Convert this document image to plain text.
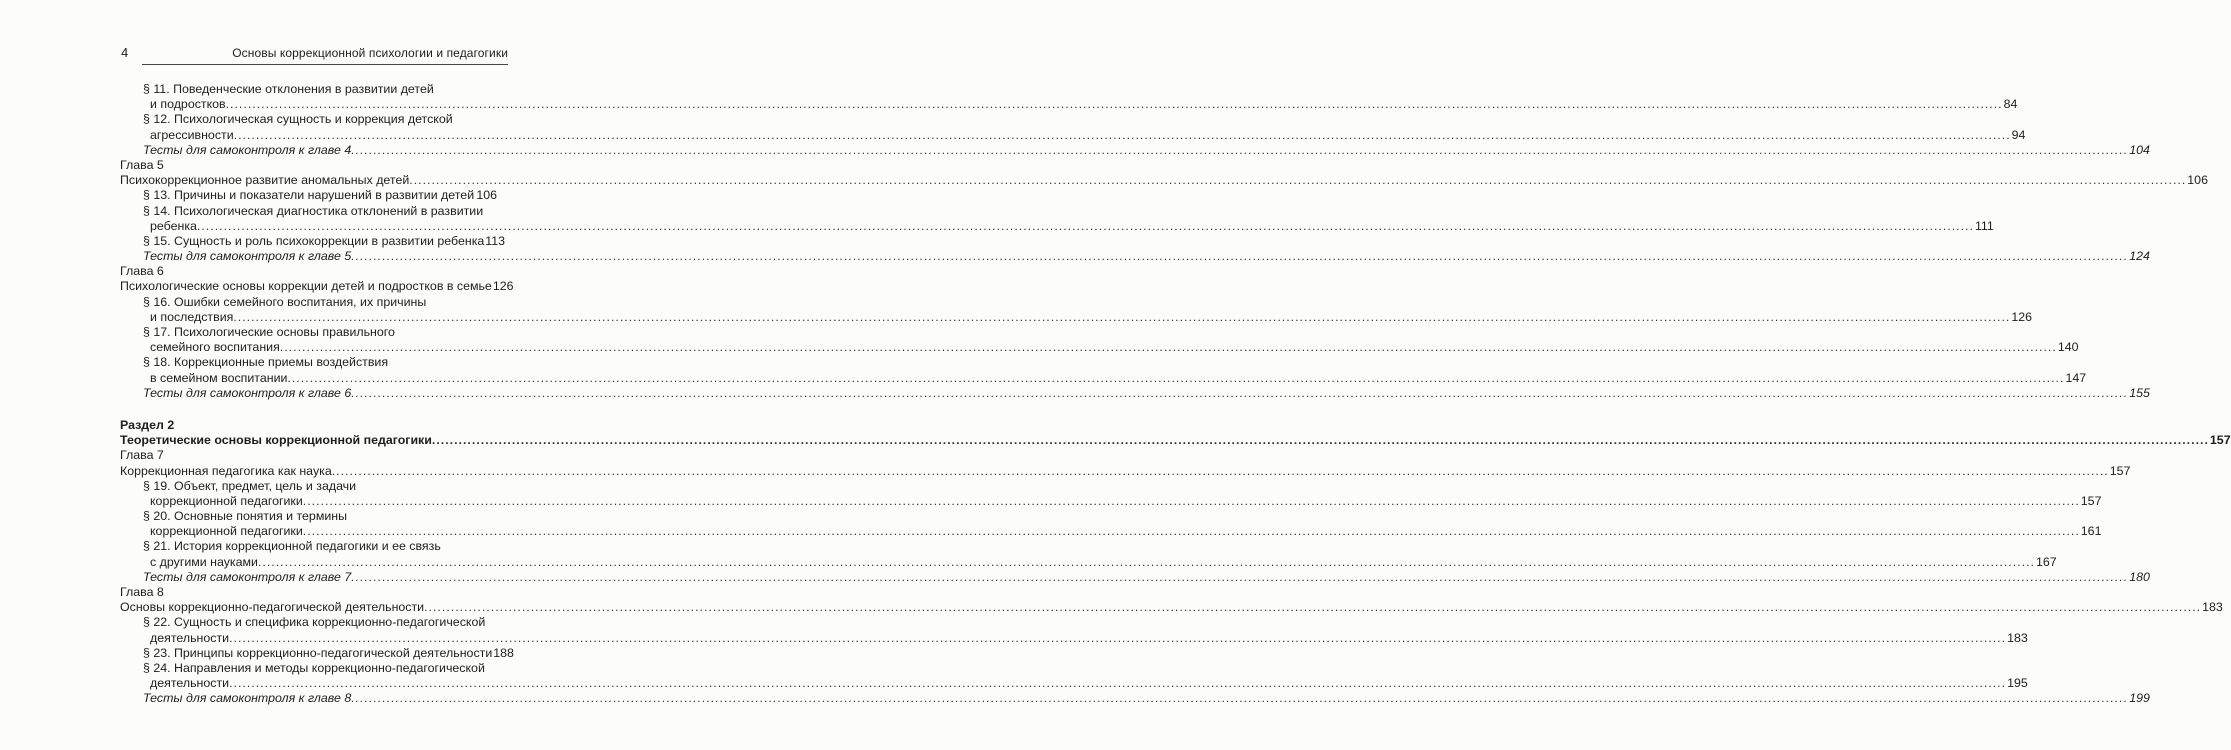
4	Основы коррекционной психологии и педагогики
§ 11. Поведенческие отклонения в развитии детей
и подростков ................................................................................................................................................................................................................................................................................................................................................................................................................ 84
§ 12. Психологическая сущность и коррекция детской
агрессивности ................................................................................................................................................................................................................................................................................................................................................................................................................ 94
Тесты для самоконтроля к главе 4 ................................................................................................................................................................................................................................................................................................................................................................................................................ 104
Глава 5
Психокоррекционное развитие аномальных детей ................................................................................................................................................................................................................................................................................................................................................................................................................ 106
§ 13. Причины и показатели нарушений в развитии детей 106
§ 14. Психологическая диагностика отклонений в развитии
ребенка ................................................................................................................................................................................................................................................................................................................................................................................................................ 111
§ 15. Сущность и роль психокоррекции в развитии ребенка 113
Тесты для самоконтроля к главе 5 ................................................................................................................................................................................................................................................................................................................................................................................................................ 124
Глава 6
Психологические основы коррекции детей и подростков в семье 126
§ 16. Ошибки семейного воспитания, их причины
и последствия ................................................................................................................................................................................................................................................................................................................................................................................................................ 126
§ 17. Психологические основы правильного
семейного воспитания ................................................................................................................................................................................................................................................................................................................................................................................................................ 140
§ 18. Коррекционные приемы воздействия
в семейном воспитании ................................................................................................................................................................................................................................................................................................................................................................................................................ 147
Тесты для самоконтроля к главе 6 ................................................................................................................................................................................................................................................................................................................................................................................................................ 155
Раздел 2
Теоретические основы коррекционной педагогики ................................................................................................................................................................................................................................................................................................................................................................................................................ 157
Глава 7
Коррекционная педагогика как наука ................................................................................................................................................................................................................................................................................................................................................................................................................ 157
§ 19. Объект, предмет, цель и задачи
коррекционной педагогики ................................................................................................................................................................................................................................................................................................................................................................................................................ 157
§ 20. Основные понятия и термины
коррекционной педагогики ................................................................................................................................................................................................................................................................................................................................................................................................................ 161
§ 21. История коррекционной педагогики и ее связь
с другими науками ................................................................................................................................................................................................................................................................................................................................................................................................................ 167
Тесты для самоконтроля к главе 7 ................................................................................................................................................................................................................................................................................................................................................................................................................ 180
Глава 8
Основы коррекционно-педагогической деятельности ................................................................................................................................................................................................................................................................................................................................................................................................................ 183
§ 22. Сущность и специфика коррекционно-педагогической
деятельности ................................................................................................................................................................................................................................................................................................................................................................................................................ 183
§ 23. Принципы коррекционно-педагогической деятельности 188
§ 24. Направления и методы коррекционно-педагогической
деятельности ................................................................................................................................................................................................................................................................................................................................................................................................................ 195
Тесты для самоконтроля к главе 8 ................................................................................................................................................................................................................................................................................................................................................................................................................ 199
